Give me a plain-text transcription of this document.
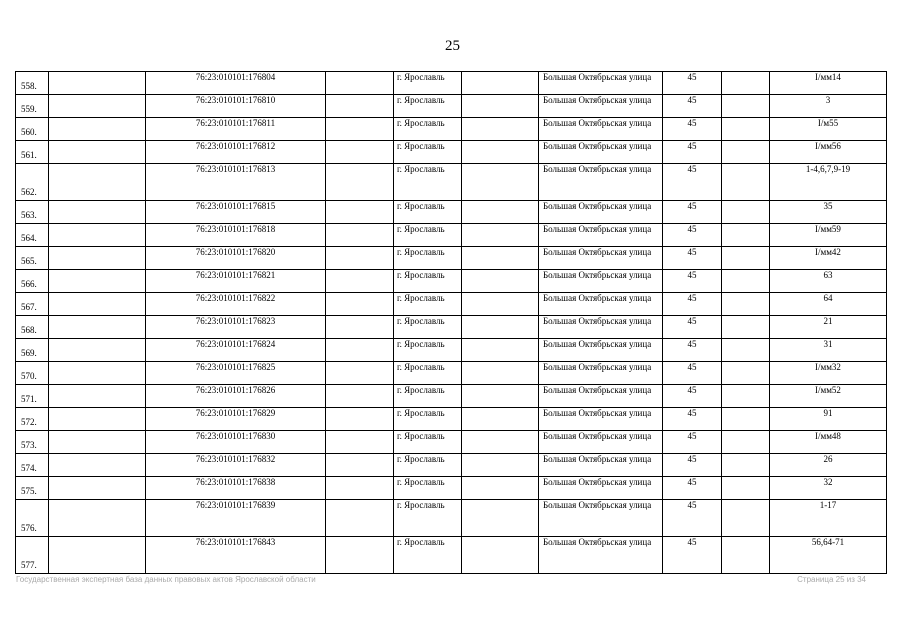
25
558.		76:23:010101:176804		г. Ярославль		Большая Октябрьская улица	45		I/мм14
559.		76:23:010101:176810		г. Ярославль		Большая Октябрьская улица	45		3
560.		76:23:010101:176811		г. Ярославль		Большая Октябрьская улица	45		I/м55
561.		76:23:010101:176812		г. Ярославль		Большая Октябрьская улица	45		I/мм56
562.		76:23:010101:176813		г. Ярославль		Большая Октябрьская улица	45		1-4,6,7,9-19
563.		76:23:010101:176815		г. Ярославль		Большая Октябрьская улица	45		35
564.		76:23:010101:176818		г. Ярославль		Большая Октябрьская улица	45		I/мм59
565.		76:23:010101:176820		г. Ярославль		Большая Октябрьская улица	45		I/мм42
566.		76:23:010101:176821		г. Ярославль		Большая Октябрьская улица	45		63
567.		76:23:010101:176822		г. Ярославль		Большая Октябрьская улица	45		64
568.		76:23:010101:176823		г. Ярославль		Большая Октябрьская улица	45		21
569.		76:23:010101:176824		г. Ярославль		Большая Октябрьская улица	45		31
570.		76:23:010101:176825		г. Ярославль		Большая Октябрьская улица	45		I/мм32
571.		76:23:010101:176826		г. Ярославль		Большая Октябрьская улица	45		I/мм52
572.		76:23:010101:176829		г. Ярославль		Большая Октябрьская улица	45		91
573.		76:23:010101:176830		г. Ярославль		Большая Октябрьская улица	45		I/мм48
574.		76:23:010101:176832		г. Ярославль		Большая Октябрьская улица	45		26
575.		76:23:010101:176838		г. Ярославль		Большая Октябрьская улица	45		32
576.		76:23:010101:176839		г. Ярославль		Большая Октябрьская улица	45		1-17
577.		76:23:010101:176843		г. Ярославль		Большая Октябрьская улица	45		56,64-71
Государственная экспертная база данных правовых актов Ярославской области	Страница 25 из 34
